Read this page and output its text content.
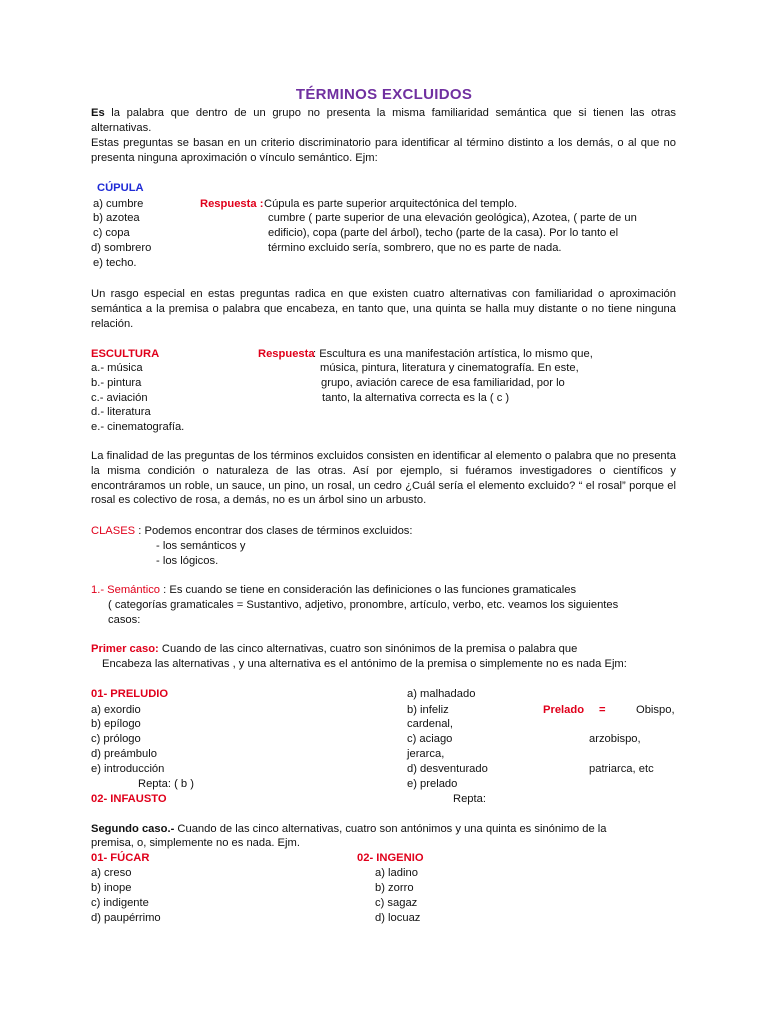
TÉRMINOS EXCLUIDOS
Es la palabra que dentro de un grupo no presenta la misma familiaridad semántica que si tienen las otras alternativas.
Estas preguntas se basan en un criterio discriminatorio para identificar al término distinto a los demás, o al que no presenta ninguna aproximación o vínculo semántico. Ejm:
CÚPULA
a) cumbre
b) azotea
c) copa
d) sombrero
e) techo.
Respuesta : Cúpula es parte superior arquitectónica del templo.
cumbre ( parte superior de una elevación geológica), Azotea, ( parte de un
edificio), copa (parte del árbol), techo (parte de la casa). Por lo tanto el
término excluido sería, sombrero, que no es parte de nada.
Un rasgo especial en estas preguntas radica en que existen cuatro alternativas con familiaridad o aproximación semántica a la premisa o palabra que encabeza, en tanto que, una quinta se halla muy distante o no tiene ninguna relación.
ESCULTURA
a.- música
b.- pintura
c.- aviación
d.- literatura
e.- cinematografía.
Respuesta
: Escultura es una manifestación artística, lo mismo que,
música, pintura, literatura y cinematografía. En este,
grupo, aviación carece de esa familiaridad, por lo
tanto, la alternativa correcta es la ( c )
La finalidad de las preguntas de los términos excluidos consisten en identificar al elemento o palabra que no presenta la misma condición o naturaleza de las otras. Así por ejemplo, si fuéramos investigadores o científicos y encontráramos un roble, un sauce, un pino, un rosal, un cedro ¿Cuál sería el elemento excluido? “ el rosal” porque el rosal es colectivo de rosa, a demás, no es un árbol sino un arbusto.
CLASES : Podemos encontrar dos clases de términos excluidos:
- los semánticos y
- los lógicos.
1.- Semántico : Es cuando se tiene en consideración las definiciones o las funciones gramaticales
( categorías gramaticales = Sustantivo, adjetivo, pronombre, artículo, verbo, etc. veamos los siguientes
casos:
Primer caso: Cuando de las cinco alternativas, cuatro son sinónimos de la premisa o palabra que
Encabeza las alternativas , y una alternativa es el antónimo de la premisa o simplemente no es nada Ejm:
01- PRELUDIO
a) exordio
b) epílogo
c) prólogo
d) preámbulo
e) introducción
Repta: ( b )
02- INFAUSTO
a) malhadado
b) infeliz
cardenal,
c) aciago
jerarca,
d) desventurado
e) prelado
Repta:
Prelado =	Obispo,
arzobispo,
patriarca, etc
Segundo caso.- Cuando de las cinco alternativas, cuatro son antónimos y una quinta es sinónimo de la
premisa, o, simplemente no es nada. Ejm.
01- FÚCAR
a) creso
b) inope
c) indigente
d) paupérrimo
02- INGENIO
a) ladino
b) zorro
c) sagaz
d) locuaz
